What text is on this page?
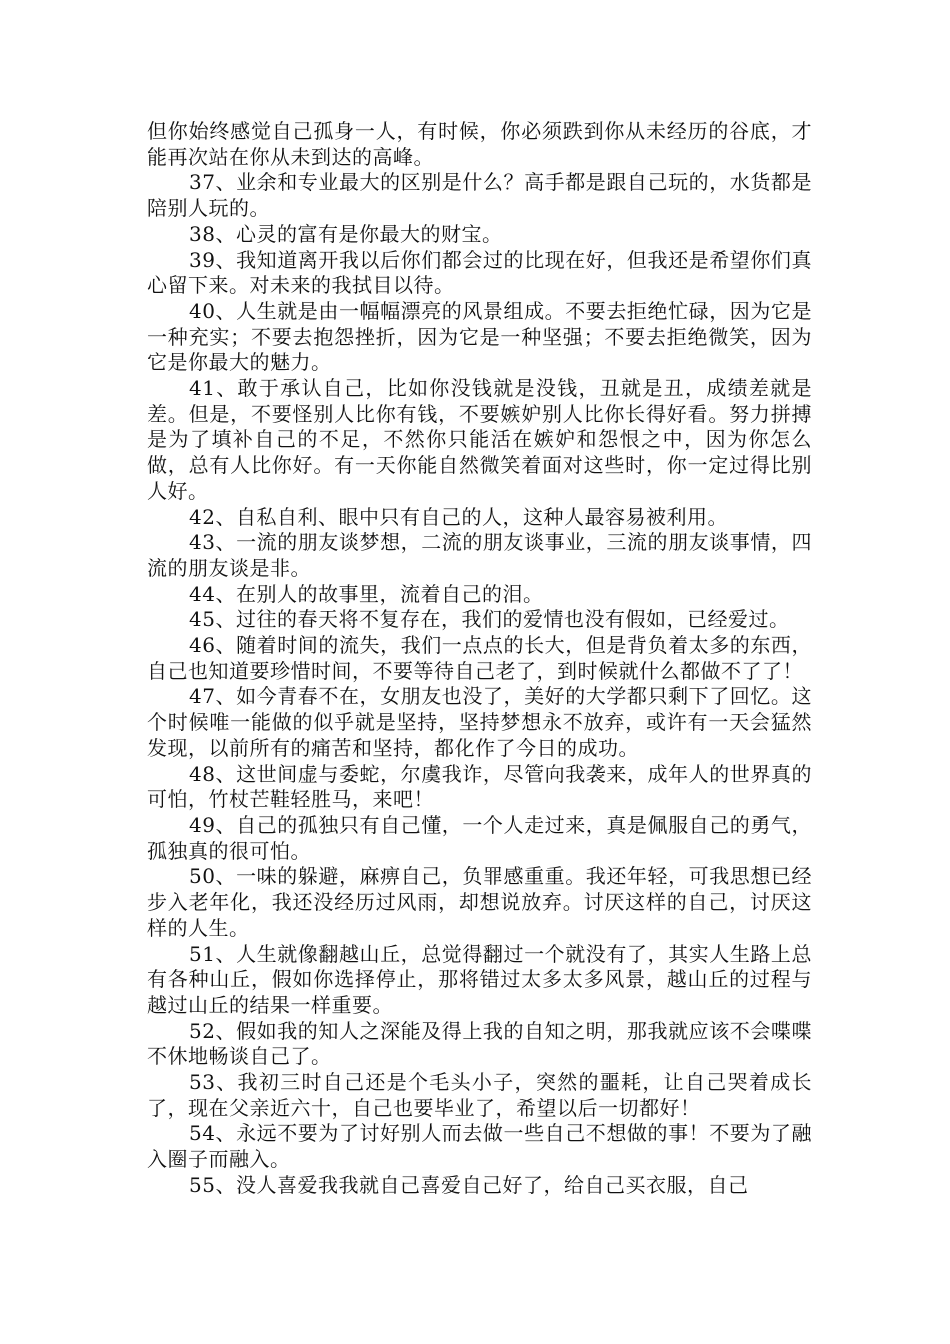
但你始终感觉自己孤身一人，有时候，你必须跌到你从未经历的谷底，才能再次站在你从未到达的高峰。

37、业余和专业最大的区别是什么？高手都是跟自己玩的，水货都是陪别人玩的。

38、心灵的富有是你最大的财宝。

39、我知道离开我以后你们都会过的比现在好，但我还是希望你们真心留下来。对未来的我拭目以待。

40、人生就是由一幅幅漂亮的风景组成。不要去拒绝忙碌，因为它是一种充实；不要去抱怨挫折，因为它是一种坚强；不要去拒绝微笑，因为它是你最大的魅力。

41、敢于承认自己，比如你没钱就是没钱，丑就是丑，成绩差就是差。但是，不要怪别人比你有钱，不要嫉妒别人比你长得好看。努力拼搏是为了填补自己的不足，不然你只能活在嫉妒和怨恨之中，因为你怎么做，总有人比你好。有一天你能自然微笑着面对这些时，你一定过得比别人好。

42、自私自利、眼中只有自己的人，这种人最容易被利用。

43、一流的朋友谈梦想，二流的朋友谈事业，三流的朋友谈事情，四流的朋友谈是非。

44、在别人的故事里，流着自己的泪。

45、过往的春天将不复存在，我们的爱情也没有假如，已经爱过。

46、随着时间的流失，我们一点点的长大，但是背负着太多的东西，自己也知道要珍惜时间，不要等待自己老了，到时候就什么都做不了了！

47、如今青春不在，女朋友也没了，美好的大学都只剩下了回忆。这个时候唯一能做的似乎就是坚持，坚持梦想永不放弃，或许有一天会猛然发现，以前所有的痛苦和坚持，都化作了今日的成功。

48、这世间虚与委蛇，尔虞我诈，尽管向我袭来，成年人的世界真的可怕，竹杖芒鞋轻胜马，来吧！

49、自己的孤独只有自己懂，一个人走过来，真是佩服自己的勇气，孤独真的很可怕。

50、一味的躲避，麻痹自己，负罪感重重。我还年轻，可我思想已经步入老年化，我还没经历过风雨，却想说放弃。讨厌这样的自己，讨厌这样的人生。

51、人生就像翻越山丘，总觉得翻过一个就没有了，其实人生路上总有各种山丘，假如你选择停止，那将错过太多太多风景，越山丘的过程与越过山丘的结果一样重要。

52、假如我的知人之深能及得上我的自知之明，那我就应该不会喋喋不休地畅谈自己了。

53、我初三时自己还是个毛头小子，突然的噩耗，让自己哭着成长了，现在父亲近六十，自己也要毕业了，希望以后一切都好！

54、永远不要为了讨好别人而去做一些自己不想做的事！不要为了融入圈子而融入。

55、没人喜爱我我就自己喜爱自己好了，给自己买衣服，自己
